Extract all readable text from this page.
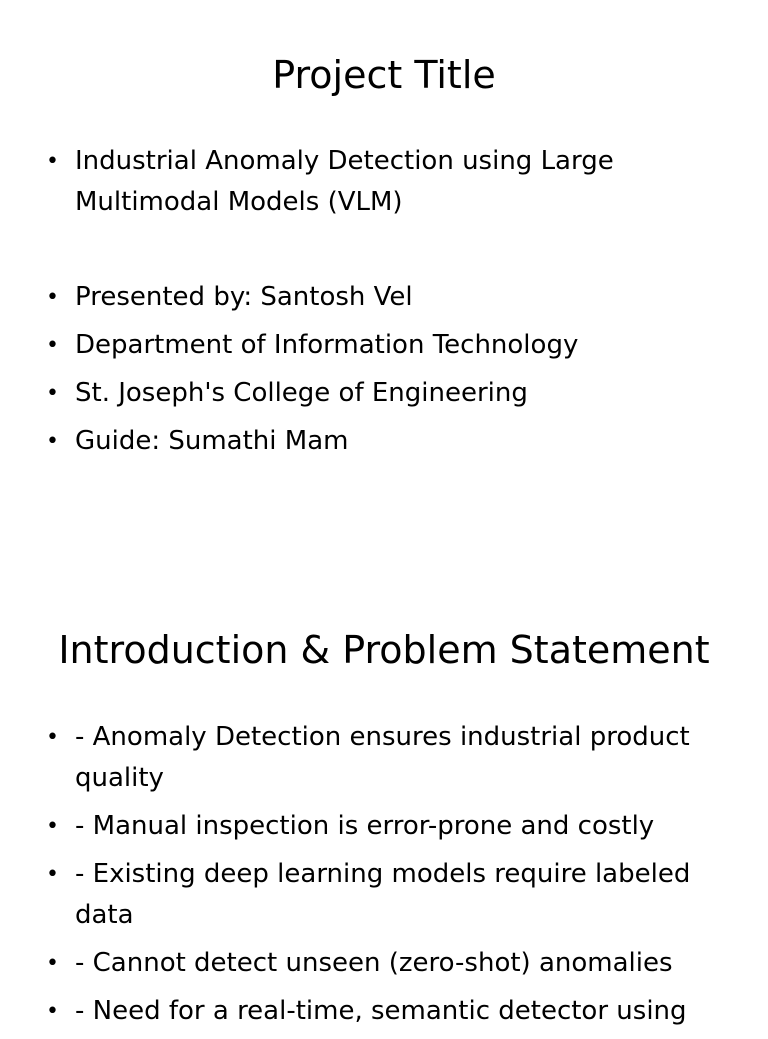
Project Title
• Industrial Anomaly Detection using Large Multimodal Models (VLM)
• Presented by: Santosh Vel
• Department of Information Technology
• St. Joseph's College of Engineering
• Guide: Sumathi Mam
Introduction & Problem Statement
• - Anomaly Detection ensures industrial product quality
• - Manual inspection is error-prone and costly
• - Existing deep learning models require labeled data
• - Cannot detect unseen (zero-shot) anomalies
• - Need for a real-time, semantic detector using
